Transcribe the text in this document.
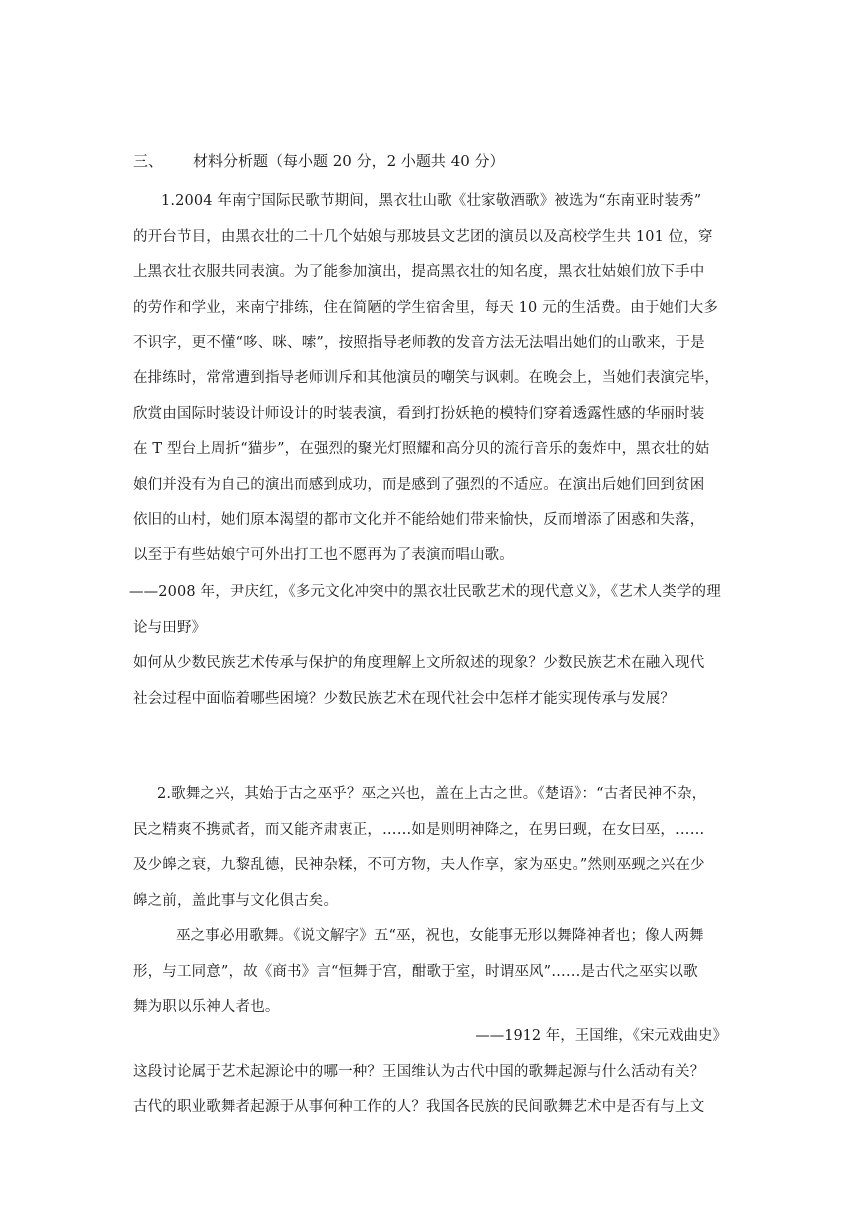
三、 材料分析题（每小题 20 分，2 小题共 40 分）
1.2004 年南宁国际民歌节期间，黑衣壮山歌《壮家敬酒歌》被选为“东南亚时装秀”
的开台节目，由黑衣壮的二十几个姑娘与那坡县文艺团的演员以及高校学生共 101 位，穿
上黑衣壮衣服共同表演。为了能参加演出，提高黑衣壮的知名度，黑衣壮姑娘们放下手中
的劳作和学业，来南宁排练，住在简陋的学生宿舍里，每天 10 元的生活费。由于她们大多
不识字，更不懂“哆、咪、嗦”，按照指导老师教的发音方法无法唱出她们的山歌来，于是
在排练时，常常遭到指导老师训斥和其他演员的嘲笑与讽刺。在晚会上，当她们表演完毕，
欣赏由国际时装设计师设计的时装表演，看到打扮妖艳的模特们穿着透露性感的华丽时装
在 T 型台上周折“猫步”，在强烈的聚光灯照耀和高分贝的流行音乐的轰炸中，黑衣壮的姑
娘们并没有为自己的演出而感到成功，而是感到了强烈的不适应。在演出后她们回到贫困
依旧的山村，她们原本渴望的都市文化并不能给她们带来愉快，反而增添了困惑和失落，
以至于有些姑娘宁可外出打工也不愿再为了表演而唱山歌。
——2008 年，尹庆红，《多元文化冲突中的黑衣壮民歌艺术的现代意义》，《艺术人类学的理
论与田野》
如何从少数民族艺术传承与保护的角度理解上文所叙述的现象？少数民族艺术在融入现代
社会过程中面临着哪些困境？少数民族艺术在现代社会中怎样才能实现传承与发展？
2.歌舞之兴，其始于古之巫乎？巫之兴也，盖在上古之世。《楚语》：“古者民神不杂，
民之精爽不携贰者，而又能齐肃衷正，……如是则明神降之，在男曰觋，在女曰巫，……
及少皞之衰，九黎乱德，民神杂糅，不可方物，夫人作享，家为巫史。”然则巫觋之兴在少
皞之前，盖此事与文化俱古矣。
巫之事必用歌舞。《说文解字》五“巫，祝也，女能事无形以舞降神者也；像人两舞
形，与工同意”，故《商书》言“恒舞于宫，酣歌于室，时谓巫风”……是古代之巫实以歌
舞为职以乐神人者也。
——1912 年，王国维，《宋元戏曲史》
这段讨论属于艺术起源论中的哪一种？王国维认为古代中国的歌舞起源与什么活动有关？
古代的职业歌舞者起源于从事何种工作的人？我国各民族的民间歌舞艺术中是否有与上文
